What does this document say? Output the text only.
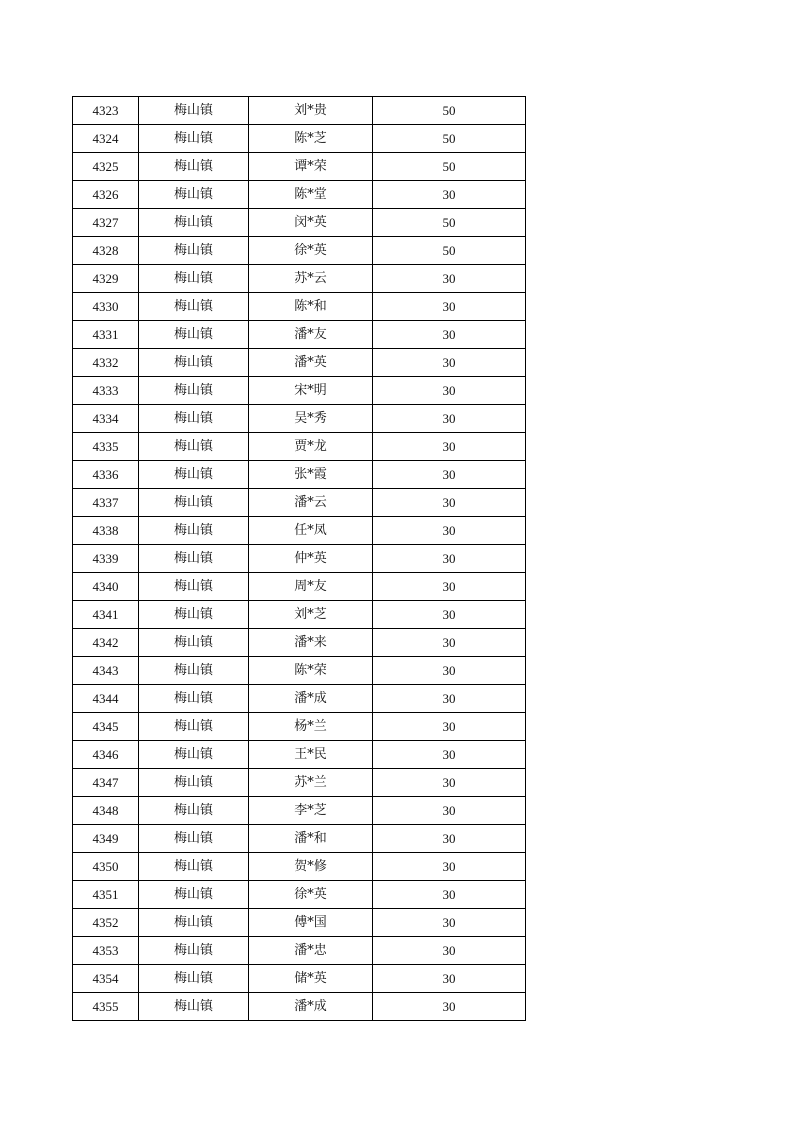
4323	梅山镇	刘*贵	50
4324	梅山镇	陈*芝	50
4325	梅山镇	谭*荣	50
4326	梅山镇	陈*堂	30
4327	梅山镇	闵*英	50
4328	梅山镇	徐*英	50
4329	梅山镇	苏*云	30
4330	梅山镇	陈*和	30
4331	梅山镇	潘*友	30
4332	梅山镇	潘*英	30
4333	梅山镇	宋*明	30
4334	梅山镇	吴*秀	30
4335	梅山镇	贾*龙	30
4336	梅山镇	张*霞	30
4337	梅山镇	潘*云	30
4338	梅山镇	任*凤	30
4339	梅山镇	仲*英	30
4340	梅山镇	周*友	30
4341	梅山镇	刘*芝	30
4342	梅山镇	潘*来	30
4343	梅山镇	陈*荣	30
4344	梅山镇	潘*成	30
4345	梅山镇	杨*兰	30
4346	梅山镇	王*民	30
4347	梅山镇	苏*兰	30
4348	梅山镇	李*芝	30
4349	梅山镇	潘*和	30
4350	梅山镇	贺*修	30
4351	梅山镇	徐*英	30
4352	梅山镇	傅*国	30
4353	梅山镇	潘*忠	30
4354	梅山镇	储*英	30
4355	梅山镇	潘*成	30
